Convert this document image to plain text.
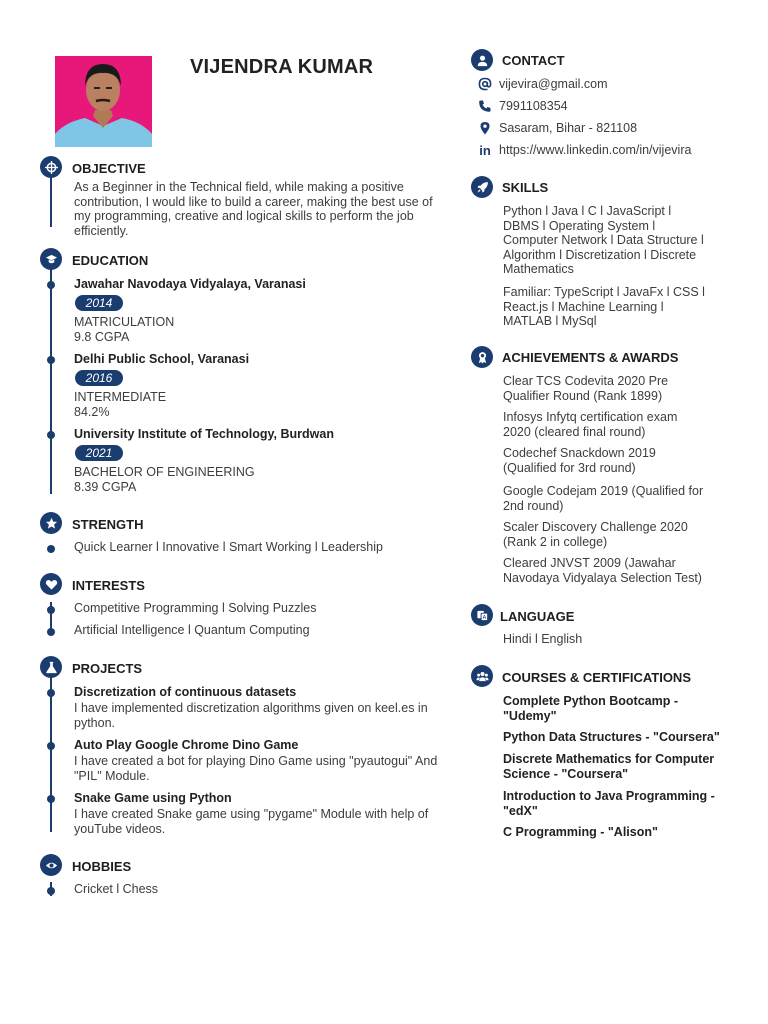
VIJENDRA KUMAR
OBJECTIVE
As a Beginner in the Technical field, while making a positive
contribution, I would like to build a career, making the best use of
my programming, creative and logical skills to perform the job
efficiently.
EDUCATION
Jawahar Navodaya Vidyalaya, Varanasi
2014
MATRICULATION
9.8 CGPA
Delhi Public School, Varanasi
2016
INTERMEDIATE
84.2%
University Institute of Technology, Burdwan
2021
BACHELOR OF ENGINEERING
8.39 CGPA
STRENGTH
Quick Learner l Innovative l Smart Working l Leadership
INTERESTS
Competitive Programming l Solving Puzzles
Artificial Intelligence l Quantum Computing
PROJECTS
Discretization of continuous datasets
I have implemented discretization algorithms given on keel.es in
python.
Auto Play Google Chrome Dino Game
I have created a bot for playing Dino Game using "pyautogui" And
"PIL" Module.
Snake Game using Python
I have created Snake game using "pygame" Module with help of
youTube videos.
HOBBIES
Cricket l Chess
CONTACT
vijevira@gmail.com
7991108354
Sasaram, Bihar - 821108
in https://www.linkedin.com/in/vijevira
SKILLS
Python l Java l C l JavaScript l
DBMS l Operating System l
Computer Network l Data Structure l
Algorithm l Discretization l Discrete
Mathematics
Familiar: TypeScript l JavaFx l CSS l
React.js l Machine Learning l
MATLAB l MySql
ACHIEVEMENTS & AWARDS
Clear TCS Codevita 2020 Pre
Qualifier Round (Rank 1899)
Infosys Infytq certification exam
2020 (cleared final round)
Codechef Snackdown 2019
(Qualified for 3rd round)
Google Codejam 2019 (Qualified for
2nd round)
Scaler Discovery Challenge 2020
(Rank 2 in college)
Cleared JNVST 2009 (Jawahar
Navodaya Vidyalaya Selection Test)
A LANGUAGE
Hindi l English
COURSES & CERTIFICATIONS
Complete Python Bootcamp -
"Udemy"
Python Data Structures - "Coursera"
Discrete Mathematics for Computer
Science - "Coursera"
Introduction to Java Programming -
"edX"
C Programming - "Alison"
